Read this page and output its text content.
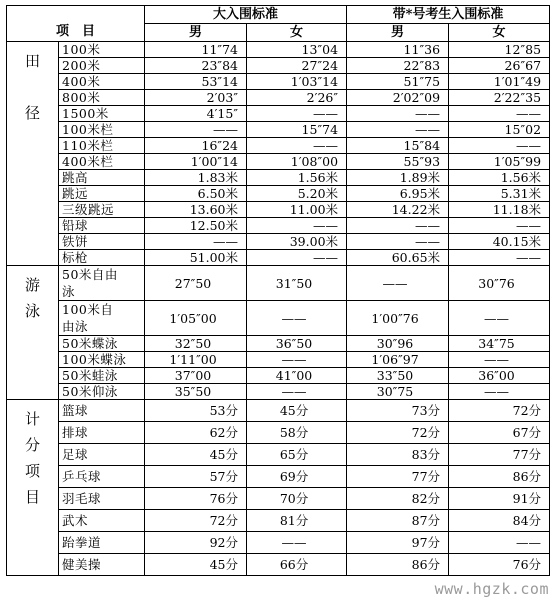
项　目		大入围标准		带*号考生入围标准	
		男	女	男	女
田

径	100米	11″74	13″04	11″36	12″85
	200米	23″84	27″24	22″83	26″67
	400米	53″14	1′03″14	51″75	1′01″49
	800米	2′03″	2′26″	2′02″09	2′22″35
	1500米	4′15″	——	——	——
	100米栏	——	15″74	——	15″02
	110米栏	16″24	——	15″84	——
	400米栏	1′00″14	1′08″00	55″93	1′05″99
	跳高	1.83米	1.56米	1.89米	1.56米
	跳远	6.50米	5.20米	6.95米	5.31米
	三级跳远	13.60米	11.00米	14.22米	11.18米
	铅球	12.50米	——	——	——
	铁饼	——	39.00米	——	40.15米
	标枪	51.00米	——	60.65米	——
游
泳	50米自由泳	27″50	31″50	——	30″76
	100米自由泳	1′05″00	——	1′00″76	——
	50米蝶泳	32″50	36″50	30″96	34″75
	100米蝶泳	1′11″00	——	1′06″97	——
	50米蛙泳	37″00	41″00	33″50	36″00
	50米仰泳	35″50	——	30″75	——
计
分
项
目	篮球	53分	45分	73分	72分
	排球	62分	58分	72分	67分
	足球	45分	65分	83分	77分
	乒乓球	57分	69分	77分	86分
	羽毛球	76分	70分	82分	91分
	武术	72分	81分	87分	84分
	跆拳道	92分	——	97分	——
	健美操	45分	66分	86分	76分
www.hgzk.com
